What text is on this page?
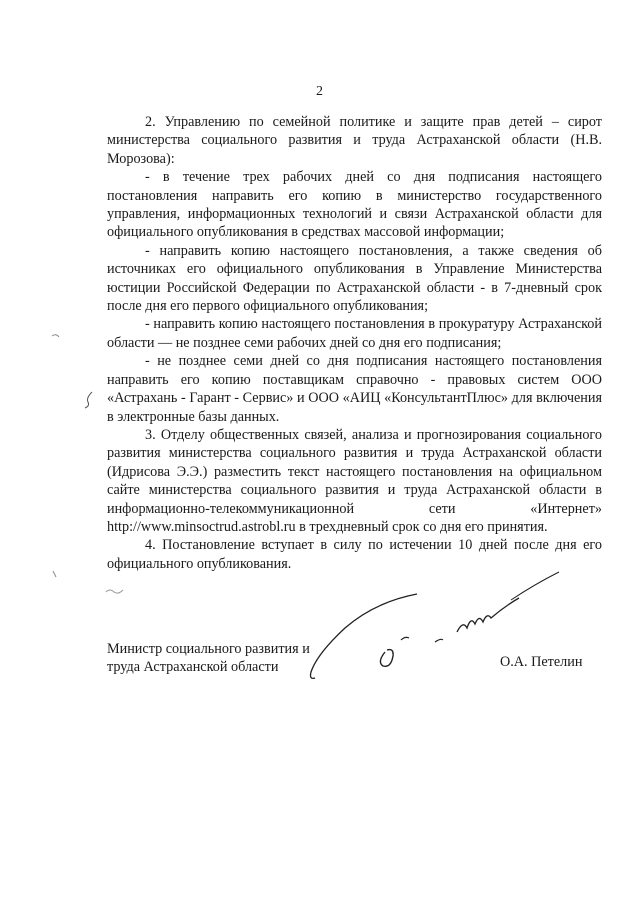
2

2. Управлению по семейной политике и защите прав детей – сирот министерства социального развития и труда Астраханской области (Н.В. Морозова):

- в течение трех рабочих дней со дня подписания настоящего постановления направить его копию в министерство государственного управления, информационных технологий и связи Астраханской области для официального опубликования в средствах массовой информации;

- направить копию настоящего постановления, а также сведения об источниках его официального опубликования в Управление Министерства юстиции Российской Федерации по Астраханской области - в 7-дневный срок после дня его первого официального опубликования;

- направить копию настоящего постановления в прокуратуру Астраханской области — не позднее семи рабочих дней со дня его подписания;

- не позднее семи дней со дня подписания настоящего постановления направить его копию поставщикам справочно - правовых систем ООО «Астрахань - Гарант - Сервис» и ООО «АИЦ «КонсультантПлюс» для включения в электронные базы данных.

3. Отделу общественных связей, анализа и прогнозирования социального развития министерства социального развития и труда Астраханской области (Идрисова Э.Э.) разместить текст настоящего постановления на официальном сайте министерства социального развития и труда Астраханской области в информационно-телекоммуникационной сети «Интернет» http://www.minsoctrud.astrobl.ru в трехдневный срок со дня его принятия.

4. Постановление вступает в силу по истечении 10 дней после дня его официального опубликования.

Министр социального развития и
труда Астраханской области	О.А. Петелин
